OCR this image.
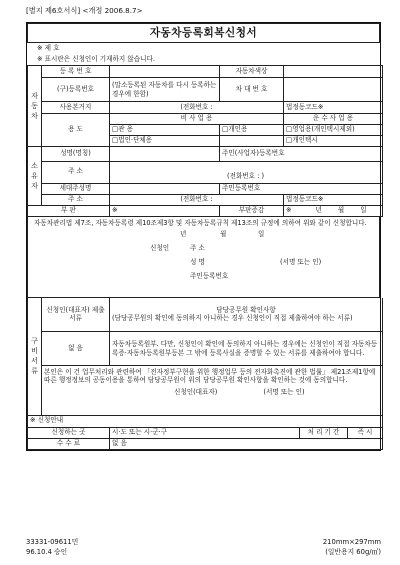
[별지 제6호서식] <개정 2006.8.7>
자동차등록회복신청서
※ 제 호
※ 표시란은 신청인이 기재하지 않습니다.
자 동 차	등 록 번 호		자동차색상	
	(구)등록번호	(말소등록된 자동차를 다시 등록하는 경우에 한함)	차 대 번 호	
	사용본거지	(전화번호 :		법정동코드※
	용 도	비 사 업 용		운 수 사 업 용
		□관 용	□개인용	□영업용(개인택시제외)
		□법인·단체용		□개인택시
소 유 자	성명(명칭)		주민(사업자)등록번호	
	주 소	(전화번호 : )		
	세대주성명		주민등록번호	
	주 소	(전화번호 :		법정동코드※
부 판	※	부판증감	※	년 월 일
자동차관리법 제7조, 자동차등록령 제10조제3항 및 자동차등록규칙 제13조의 규정에 의하여 위와 같이 신청합니다.
년	월	일
신청인	주 소
성 명	(서명 또는 인)
주민등록번호
구 비 서 류	신청인(대표자) 제출서류	담당공무원 확인사항
(담당공무원의 확인에 동의하지 아니하는 경우 신청인이 직접 제출하여야 하는 서류)

	없 음	자동차등록원부. 다만, 신청인이 확인에 동의하지 아니하는 경우에는 신청인이 직접 자동차등록증·자동차등록원부등본 그 밖에 등록사실을 증명할 수 있는 서류를 제출하여야 합니다.

	본인은 이 건 업무처리와 관련하여 「전자정부구현을 위한 행정업무 등의 전자화촉진에 관한 법률」 제21조제1항에 따른 행정정보의 공동이용을 통하여 담당공무원이 위의 담당공무원 확인사항을 확인하는 것에 동의합니다.
신청인(대표자) (서명 또는 인)	
※ 신청안내			
신청하는 곳	시·도 또는 시·군·구	처 리 기 간	즉 시
수 수 료	없 음		
33331-09611민	210mm×297mm
96.10.4 승인	(일반용지 60g/㎡)
